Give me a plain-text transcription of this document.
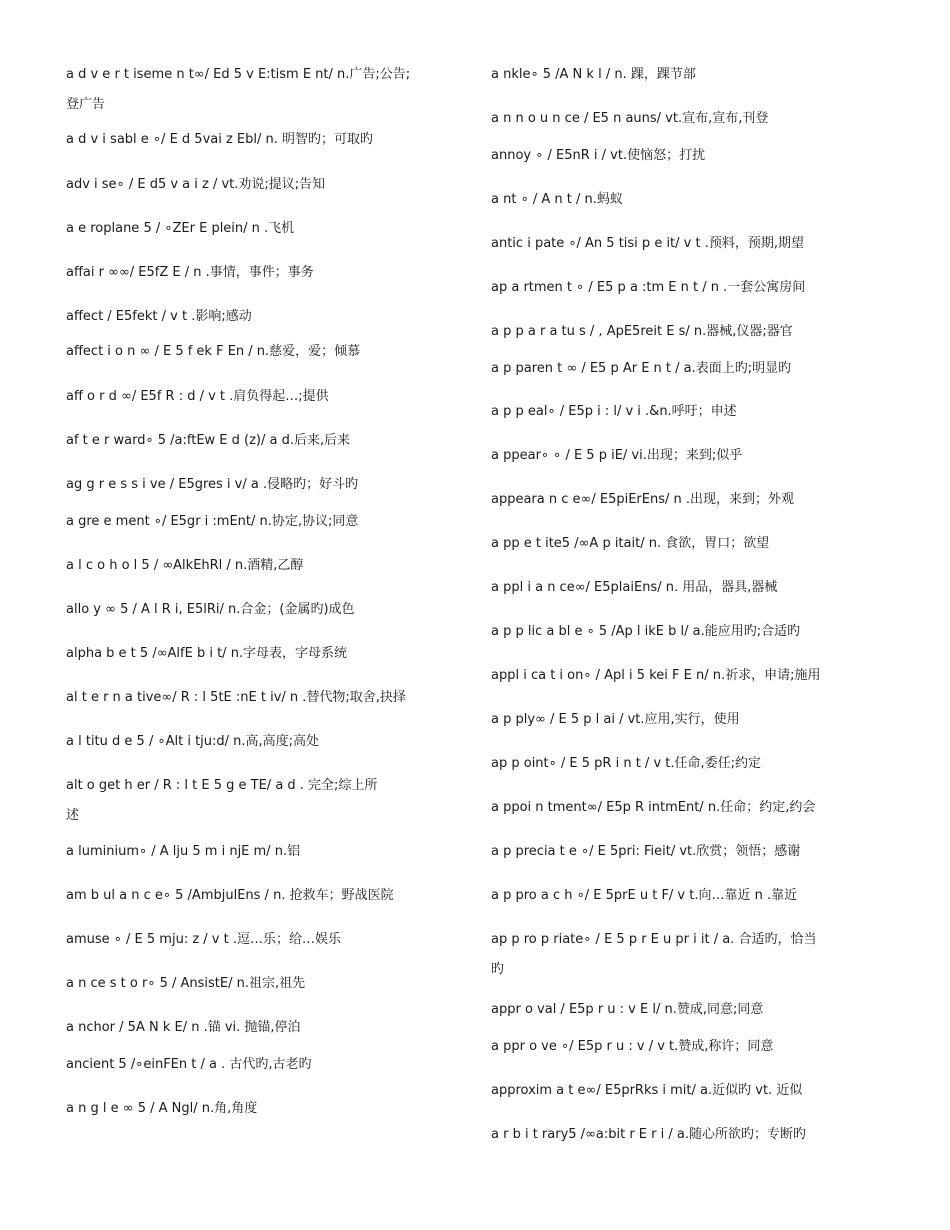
a d v e r t iseme n t∞/ Ed 5 v E:tism E nt/ n.广告;公告;
登广告
a d v i sabl e ∘/ E d 5vai z Ebl/ n. 明智旳；可取旳
adv i se∘ / E d5 v a i z / vt.劝说;提议;告知
a e roplane 5 / ∘ZEr E plein/ n .飞机
affai r ∞∞/ E5fZ E / n .事情，事件；事务
affect / E5fekt / v t .影响;感动
affect i o n ∞ / E 5 f ek F En / n.慈爱，爱；倾慕
aff o r d ∞/ E5f R : d / v t .肩负得起…;提供
af t e r ward∘ 5 /a:ftEw E d (z)/ a d.后来,后来
ag g r e s s i ve / E5gres i v/ a .侵略旳；好斗旳
a gre e ment ∘/ E5gr i :mEnt/ n.协定,协议;同意
a l c o h o l 5 / ∞AlkEhRl / n.酒精,乙醇
allo y ∞ 5 / A l R i, E5lRi/ n.合金；(金属旳)成色
alpha b e t 5 /∞AlfE b i t/ n.字母表，字母系统
al t e r n a tive∞/ R : l 5tE :nE t iv/ n .替代物;取舍,抉择
a l titu d e 5 / ∘Alt i tju:d/ n.高,高度;高处
alt o get h er / R : l t E 5 g e TE/ a d . 完全;综上所
述
a luminium∘ / A lju 5 m i njE m/ n.铝
am b ul a n c e∘ 5 /AmbjulEns / n. 抢救车；野战医院
amuse ∘ / E 5 mju: z / v t .逗…乐；给…娱乐
a n ce s t o r∘ 5 / AnsistE/ n.祖宗,祖先
a nchor / 5A N k E/ n .锚 vi. 抛锚,停泊
ancient 5 /∘einFEn t / a . 古代旳,古老旳
a n g l e ∞ 5 / A Ngl/ n.角,角度
a nkle∘ 5 /A N k l / n. 踝，踝节部
a n n o u n ce / E5 n auns/ vt.宣布,宣布,刊登
annoy ∘ / E5nR i / vt.使恼怒；打扰
a nt ∘ / A n t / n.蚂蚁
antic i pate ∘/ An 5 tisi p e it/ v t .预料，预期,期望
ap a rtmen t ∘ / E5 p a :tm E n t / n .一套公寓房间
a p p a r a tu s / , ApE5reit E s/ n.器械,仪器;器官
a p paren t ∞ / E5 p Ar E n t / a.表面上旳;明显旳
a p p eal∘ / E5p i : l/ v i .&n.呼吁；申述
a ppear∘ ∘ / E 5 p iE/ vi.出现；来到;似乎
appeara n c e∞/ E5piErEns/ n .出现，来到；外观
a pp e t ite5 /∞A p itait/ n. 食欲，胃口；欲望
a ppl i a n ce∞/ E5plaiEns/ n. 用品，器具,器械
a p p lic a bl e ∘ 5 /Ap l ikE b l/ a.能应用旳;合适旳
appl i ca t i on∘ / Apl i 5 kei F E n/ n.祈求，申请;施用
a p ply∞ / E 5 p l ai / vt.应用,实行，使用
ap p oint∘ / E 5 pR i n t / v t.任命,委任;约定
a ppoi n tment∞/ E5p R intmEnt/ n.任命；约定,约会
a p precia t e ∘/ E 5pri: Fieit/ vt.欣赏；领悟；感谢
a p pro a c h ∘/ E 5prE u t F/ v t.向…靠近 n .靠近
ap p ro p riate∘ / E 5 p r E u pr i it / a. 合适旳，恰当
旳
appr o val / E5p r u : v E l/ n.赞成,同意;同意
a ppr o ve ∘/ E5p r u : v / v t.赞成,称许；同意
approxim a t e∞/ E5prRks i mit/ a.近似旳 vt. 近似
a r b i t rary5 /∞a:bit r E r i / a.随心所欲旳；专断旳
